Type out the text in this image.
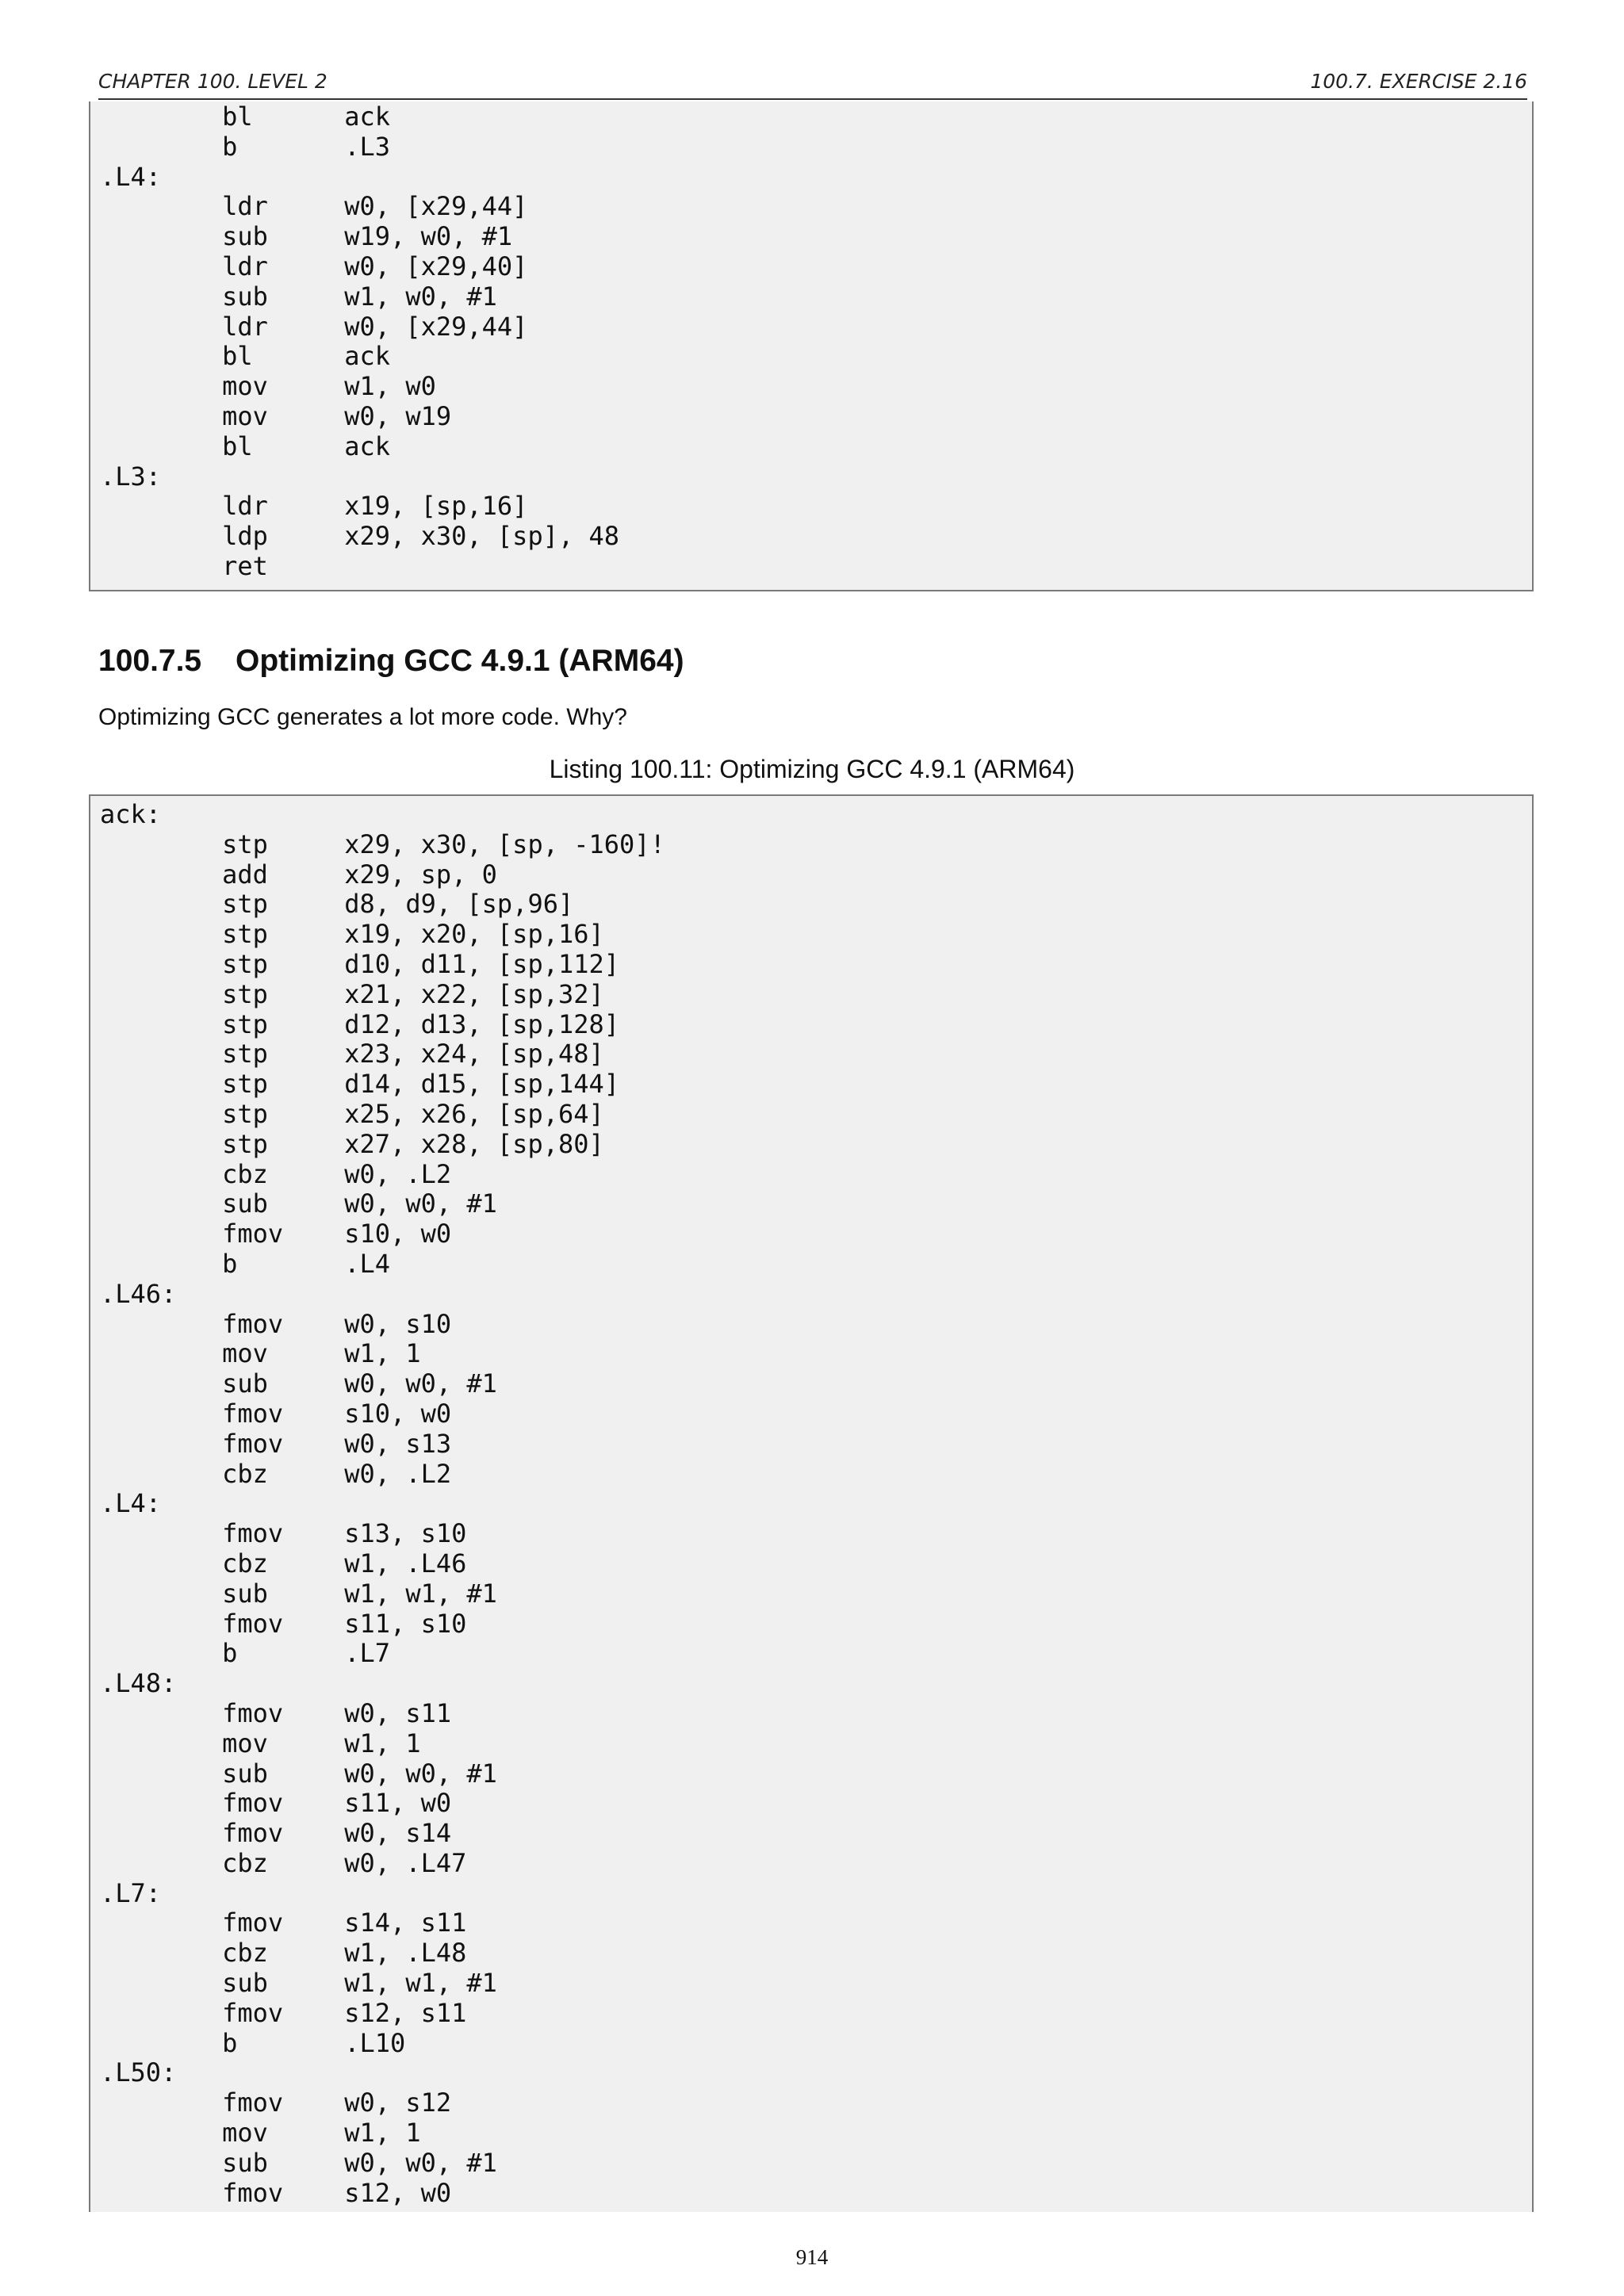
CHAPTER 100. LEVEL 2	100.7. EXERCISE 2.16
bl      ack
b       .L3
.L4:
ldr     w0, [x29,44]
sub     w19, w0, #1
ldr     w0, [x29,40]
sub     w1, w0, #1
ldr     w0, [x29,44]
bl      ack
mov     w1, w0
mov     w0, w19
bl      ack
.L3:
ldr     x19, [sp,16]
ldp     x29, x30, [sp], 48
ret
100.7.5 Optimizing GCC 4.9.1 (ARM64)
Optimizing GCC generates a lot more code. Why?
Listing 100.11: Optimizing GCC 4.9.1 (ARM64)
ack:
stp     x29, x30, [sp, -160]!
add     x29, sp, 0
stp     d8, d9, [sp,96]
stp     x19, x20, [sp,16]
stp     d10, d11, [sp,112]
stp     x21, x22, [sp,32]
stp     d12, d13, [sp,128]
stp     x23, x24, [sp,48]
stp     d14, d15, [sp,144]
stp     x25, x26, [sp,64]
stp     x27, x28, [sp,80]
cbz     w0, .L2
sub     w0, w0, #1
fmov    s10, w0
b       .L4
.L46:
fmov    w0, s10
mov     w1, 1
sub     w0, w0, #1
fmov    s10, w0
fmov    w0, s13
cbz     w0, .L2
.L4:
fmov    s13, s10
cbz     w1, .L46
sub     w1, w1, #1
fmov    s11, s10
b       .L7
.L48:
fmov    w0, s11
mov     w1, 1
sub     w0, w0, #1
fmov    s11, w0
fmov    w0, s14
cbz     w0, .L47
.L7:
fmov    s14, s11
cbz     w1, .L48
sub     w1, w1, #1
fmov    s12, s11
b       .L10
.L50:
fmov    w0, s12
mov     w1, 1
sub     w0, w0, #1
fmov    s12, w0
914
